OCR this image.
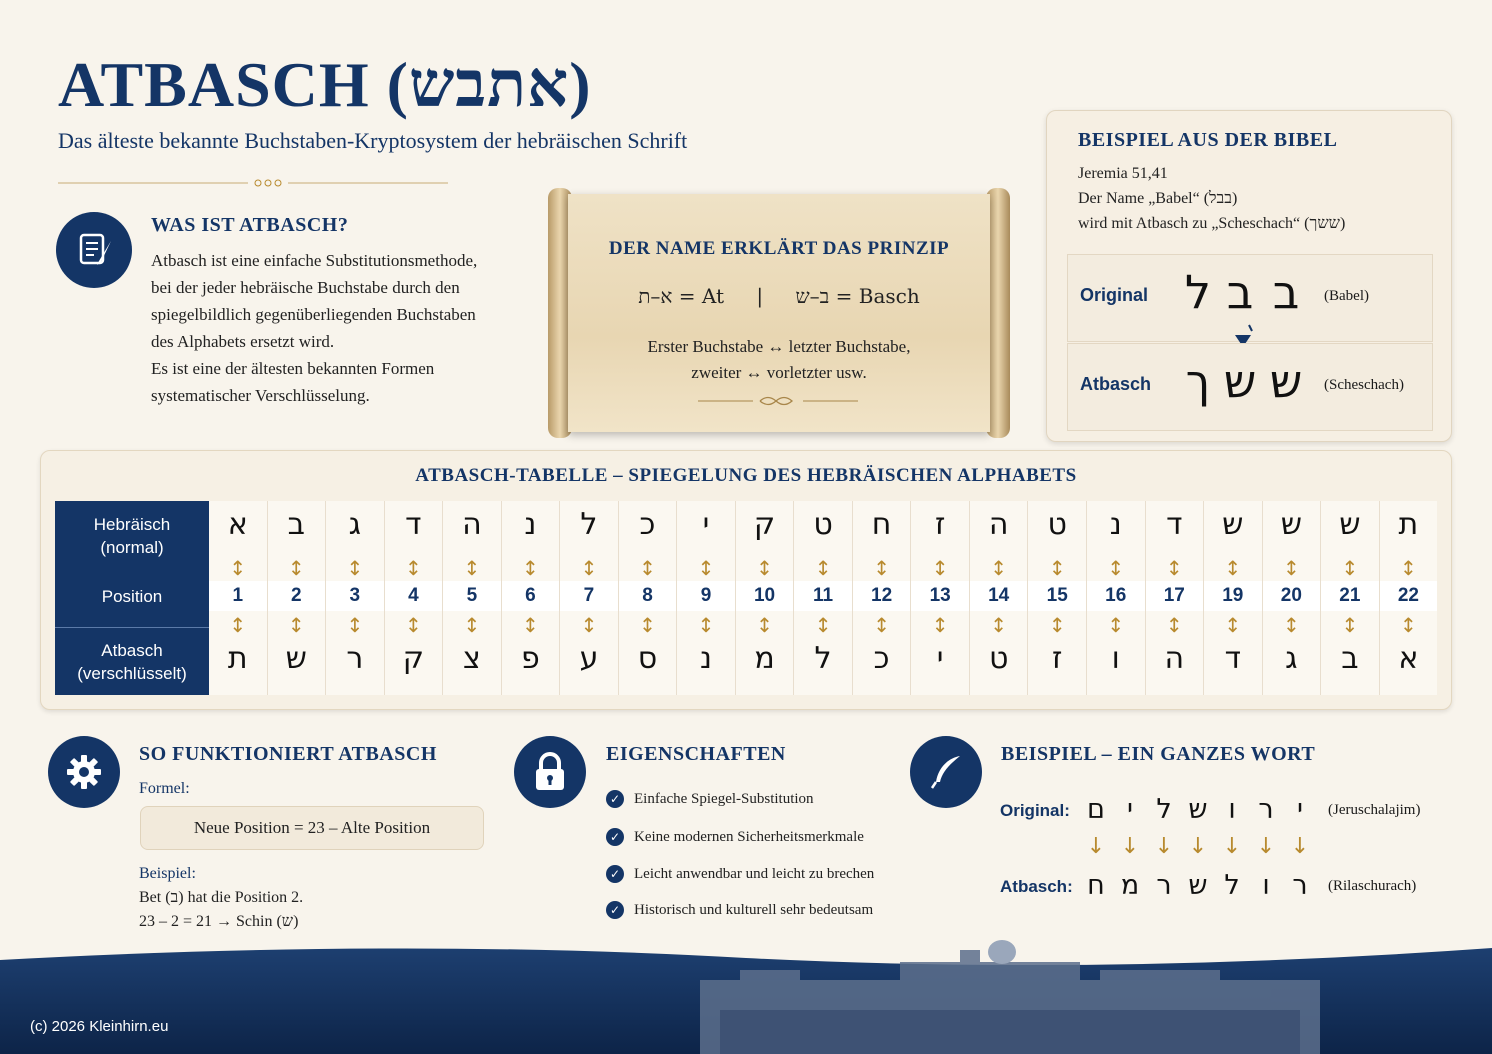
ATBASCH (אתבש)
Das älteste bekannte Buchstaben-Kryptosystem der hebräischen Schrift
WAS IST ATBASCH?
Atbasch ist eine einfache Substitutionsmethode,
bei der jeder hebräische Buchstabe durch den
spiegelbildlich gegenüberliegenden Buchstaben
des Alphabets ersetzt wird.
Es ist eine der ältesten bekannten Formen
systematischer Verschlüsselung.
DER NAME ERKLÄRT DAS PRINZIP
א–ת = At | ב–ש = Basch
Erster Buchstabe ↔ letzter Buchstabe,
zweiter ↔ vorletzter usw.
BEISPIEL AUS DER BIBEL
Jeremia 51,41
Der Name „Babel“ (בבל)
wird mit Atbasch zu „Scheschach“ (ששך)
Original ל ב ב	(Babel)
Atbasch ך ש ש (Scheschach)
ATBASCH-TABELLE – SPIEGELUNG DES HEBRÄISCHEN ALPHABETS
Hebräisch
(normal)
Position
Atbasch
(verschlüsselt)
א
↕
1
↕
ת
ב
↕
2
↕
ש
ג
↕
3
↕
ר
ד
↕
4
↕
ק
ה
↕
5
↕
צ
נ
↕
6
↕
פ
ל
↕
7
↕
ע
כ
↕
8
↕
ס
י
↕
9
↕
נ
ק
↕
10
↕
מ
ט
↕
11
↕
ל
ח
↕
12
↕
כ
ז
↕
13
↕
י
ה
↕
14
↕
ט
ט
↕
15
↕
ז
נ
↕
16
↕
ו
ד
↕
17
↕
ה
ש
↕
19
↕
ד
ש
↕
20
↕
ג
ש
↕
21
↕
ב
ת
↕
22
↕
א
SO FUNKTIONIERT ATBASCH
Formel:
Neue Position = 23 – Alte Position
Beispiel:
Bet (ב) hat die Position 2.
23 – 2 = 21 → Schin (ש)
EIGENSCHAFTEN
✓ Einfache Spiegel-Substitution
✓ Keine modernen Sicherheitsmerkmale
✓ Leicht anwendbar und leicht zu brechen
✓ Historisch und kulturell sehr bedeutsam
BEISPIEL – EIN GANZES WORT
Original:
Atbasch:
(Jeruschalajim)
(Rilaschurach)
י
↓
ר
ר
↓
ו
ו
↓
ל
ש
↓
ש
ל
↓
ר
י
↓
מ
ם
↓
ח
(c) 2026 Kleinhirn.eu
